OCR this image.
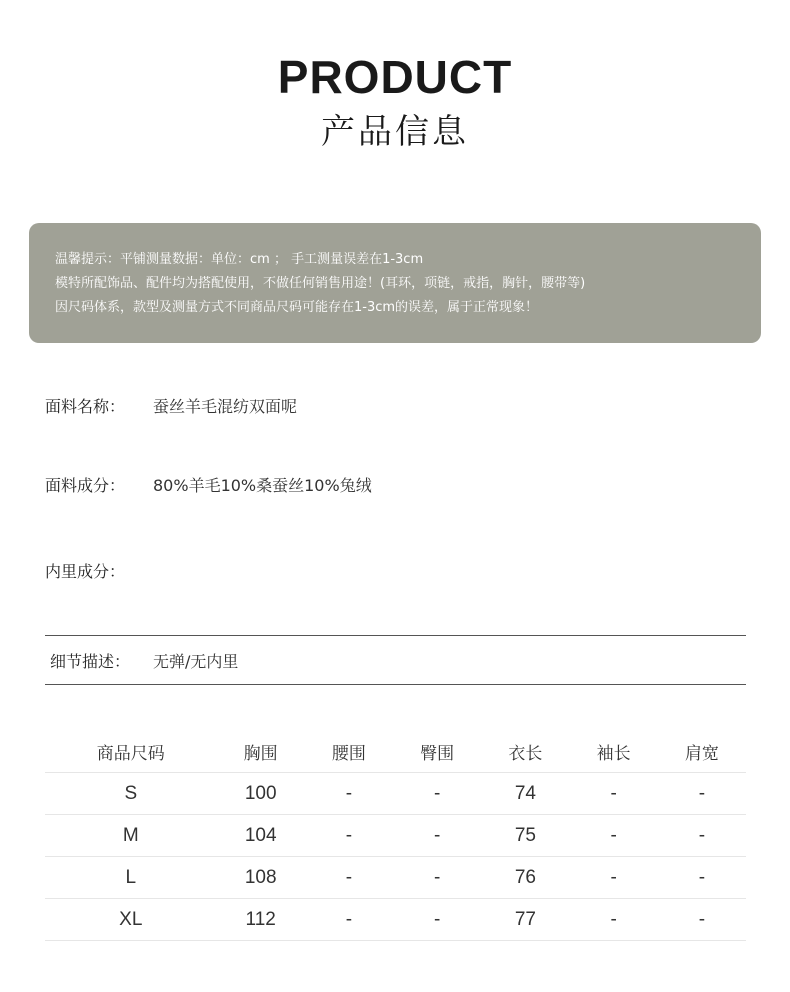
PRODUCT
产品信息
温馨提示：平铺测量数据：单位：cm ； 手工测量误差在1-3cm
模特所配饰品、配件均为搭配使用，不做任何销售用途！(耳环，项链，戒指，胸针，腰带等)
因尺码体系，款型及测量方式不同商品尺码可能存在1-3cm的误差，属于正常现象！
面料名称： 蚕丝羊毛混纺双面呢
面料成分： 80%羊毛10%桑蚕丝10%兔绒
内里成分：
细节描述： 无弹/无内里
商品尺码	胸围	腰围	臀围	衣长	袖长	肩宽
S	100	-	-	74	-	-
M	104	-	-	75	-	-
L	108	-	-	76	-	-
XL	112	-	-	77	-	-
